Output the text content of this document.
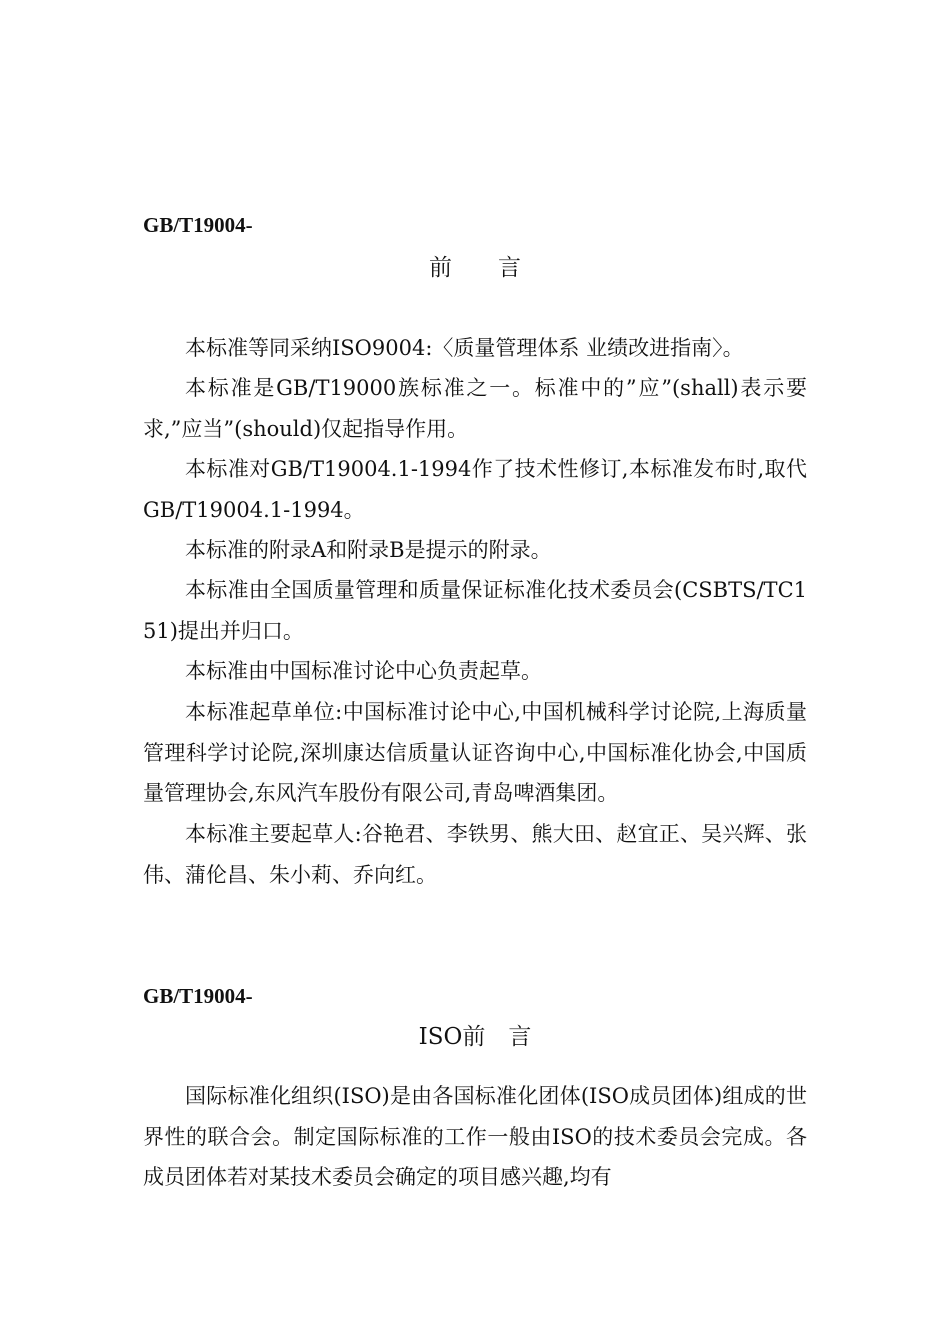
GB/T19004-
前　　言
本标准等同采纳ISO9004:〈质量管理体系 业绩改进指南〉。
本标准是GB/T19000族标准之一。标准中的”应”(shall)表示要求,”应当”(should)仅起指导作用。
本标准对GB/T19004.1-1994作了技术性修订,本标准发布时,取代GB/T19004.1-1994。
本标准的附录A和附录B是提示的附录。
本标准由全国质量管理和质量保证标准化技术委员会(CSBTS/TC151)提出并归口。
本标准由中国标准讨论中心负责起草。
本标准起草单位:中国标准讨论中心,中国机械科学讨论院,上海质量管理科学讨论院,深圳康达信质量认证咨询中心,中国标准化协会,中国质量管理协会,东风汽车股份有限公司,青岛啤酒集团。
本标准主要起草人:谷艳君、李铁男、熊大田、赵宜正、吴兴辉、张伟、蒲伦昌、朱小莉、乔向红。
GB/T19004-
ISO前　言
国际标准化组织(ISO)是由各国标准化团体(ISO成员团体)组成的世界性的联合会。制定国际标准的工作一般由ISO的技术委员会完成。各成员团体若对某技术委员会确定的项目感兴趣,均有
